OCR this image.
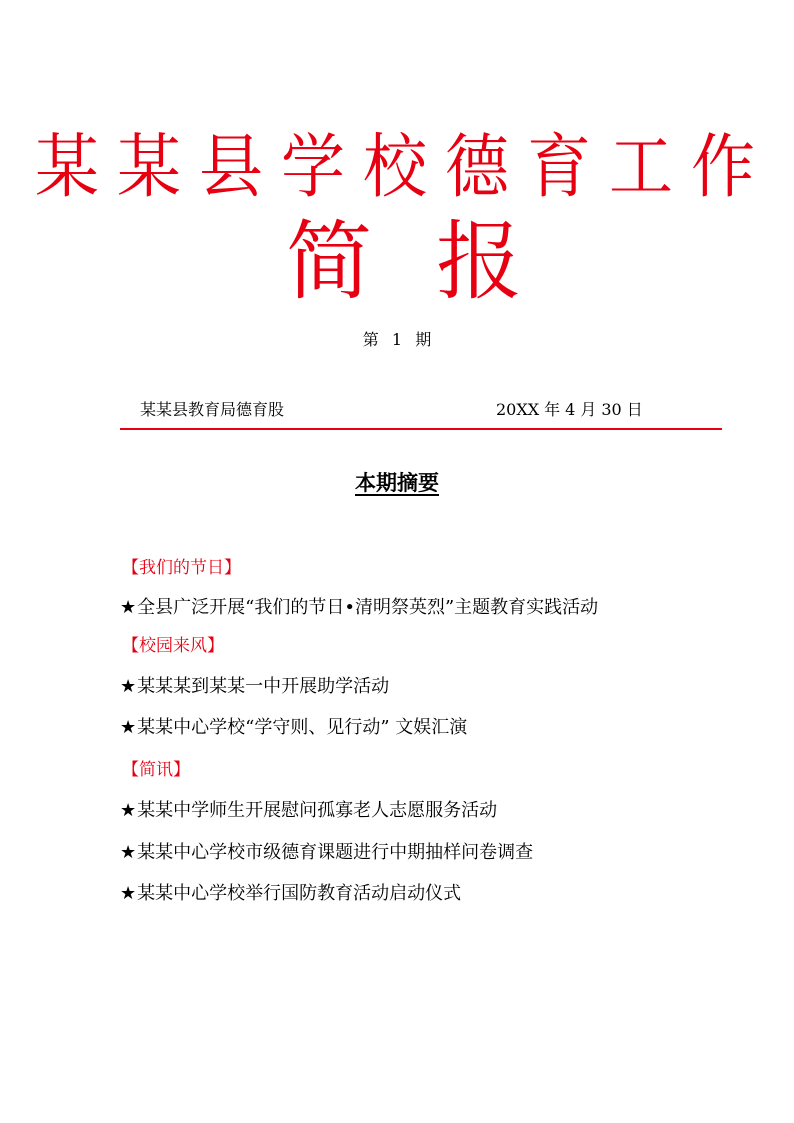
某某县学校德育工作
简 报
第 1 期
某某县教育局德育股	20XX 年 4 月 30 日
本期摘要
【我们的节日】
★全县广泛开展“我们的节日•清明祭英烈”主题教育实践活动
【校园来风】
★某某某到某某一中开展助学活动
★某某中心学校“学守则、见行动” 文娱汇演
【简讯】
★某某中学师生开展慰问孤寡老人志愿服务活动
★某某中心学校市级德育课题进行中期抽样问卷调查
★某某中心学校举行国防教育活动启动仪式
